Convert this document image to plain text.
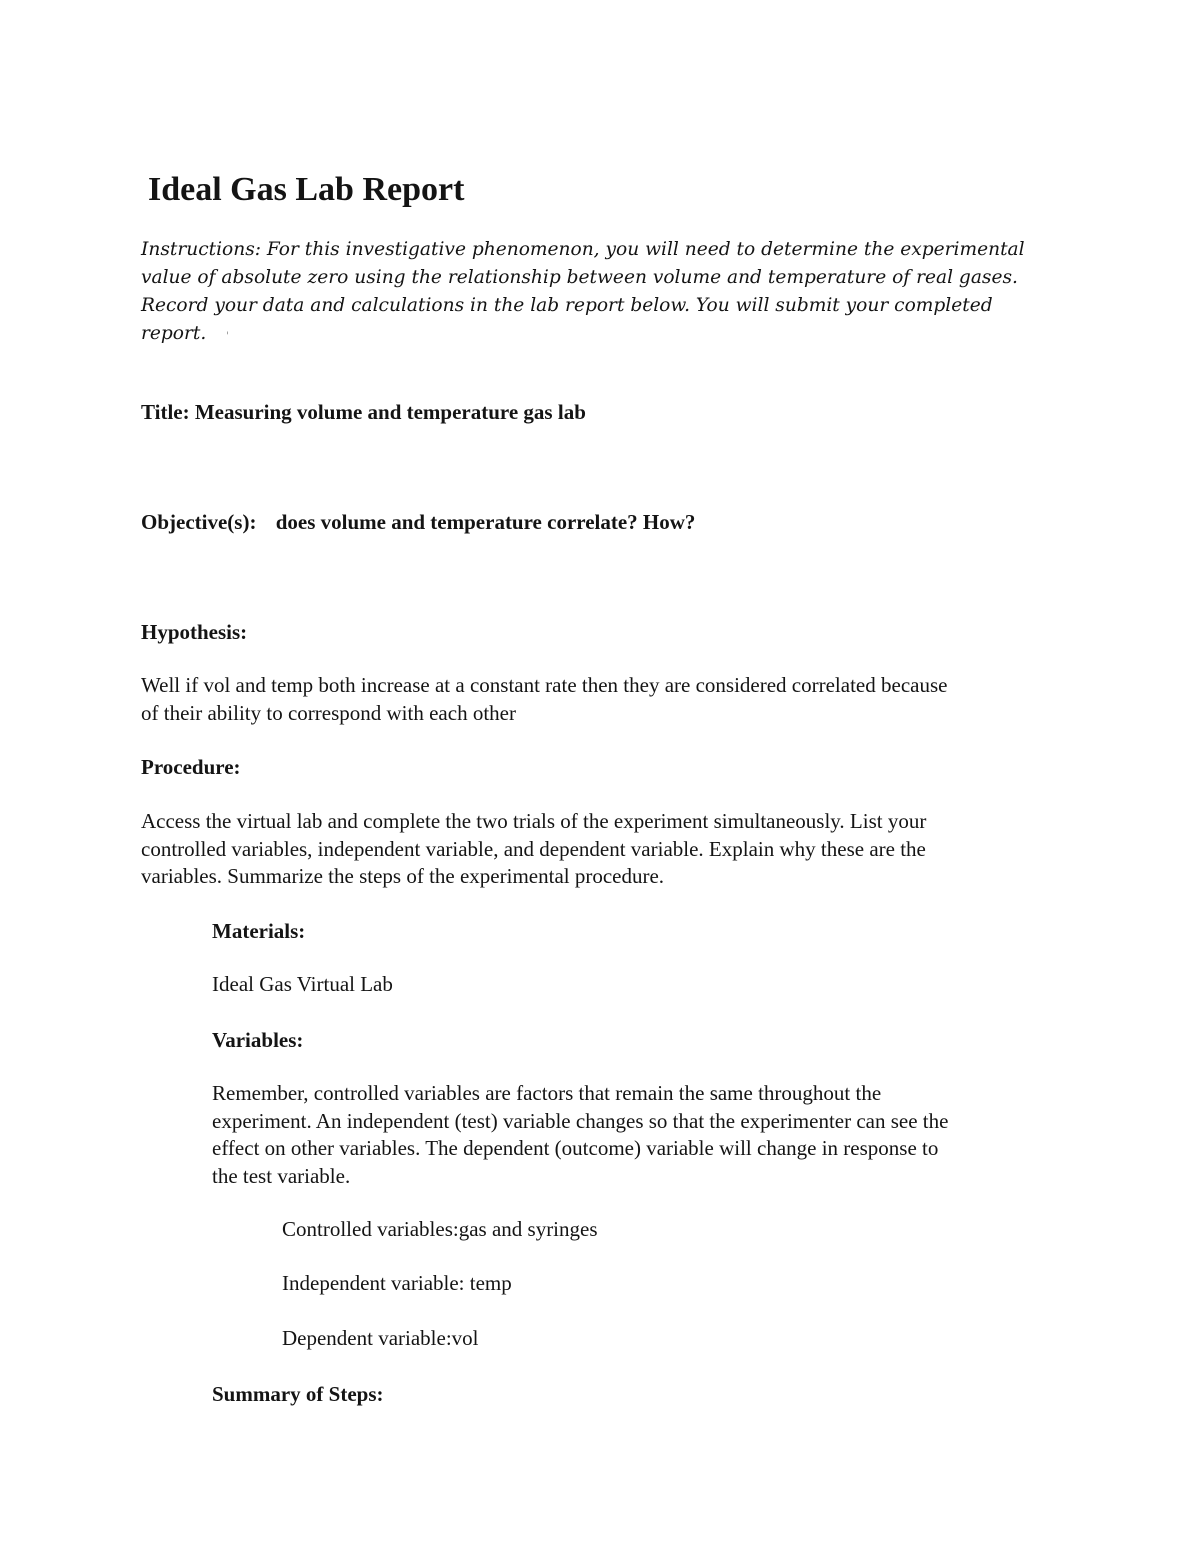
Ideal Gas Lab Report
Instructions: For this investigative phenomenon, you will need to determine the experimental
value of absolute zero using the relationship between volume and temperature of real gases.
Record your data and calculations in the lab report below. You will submit your completed
report. '
Title: Measuring volume and temperature gas lab
Objective(s): does volume and temperature correlate? How?
Hypothesis:
Well if vol and temp both increase at a constant rate then they are considered correlated because
of their ability to correspond with each other
Procedure:
Access the virtual lab and complete the two trials of the experiment simultaneously. List your
controlled variables, independent variable, and dependent variable. Explain why these are the
variables. Summarize the steps of the experimental procedure.
Materials:
Ideal Gas Virtual Lab
Variables:
Remember, controlled variables are factors that remain the same throughout the
experiment. An independent (test) variable changes so that the experimenter can see the
effect on other variables. The dependent (outcome) variable will change in response to
the test variable.
Controlled variables:gas and syringes
Independent variable: temp
Dependent variable:vol
Summary of Steps:
